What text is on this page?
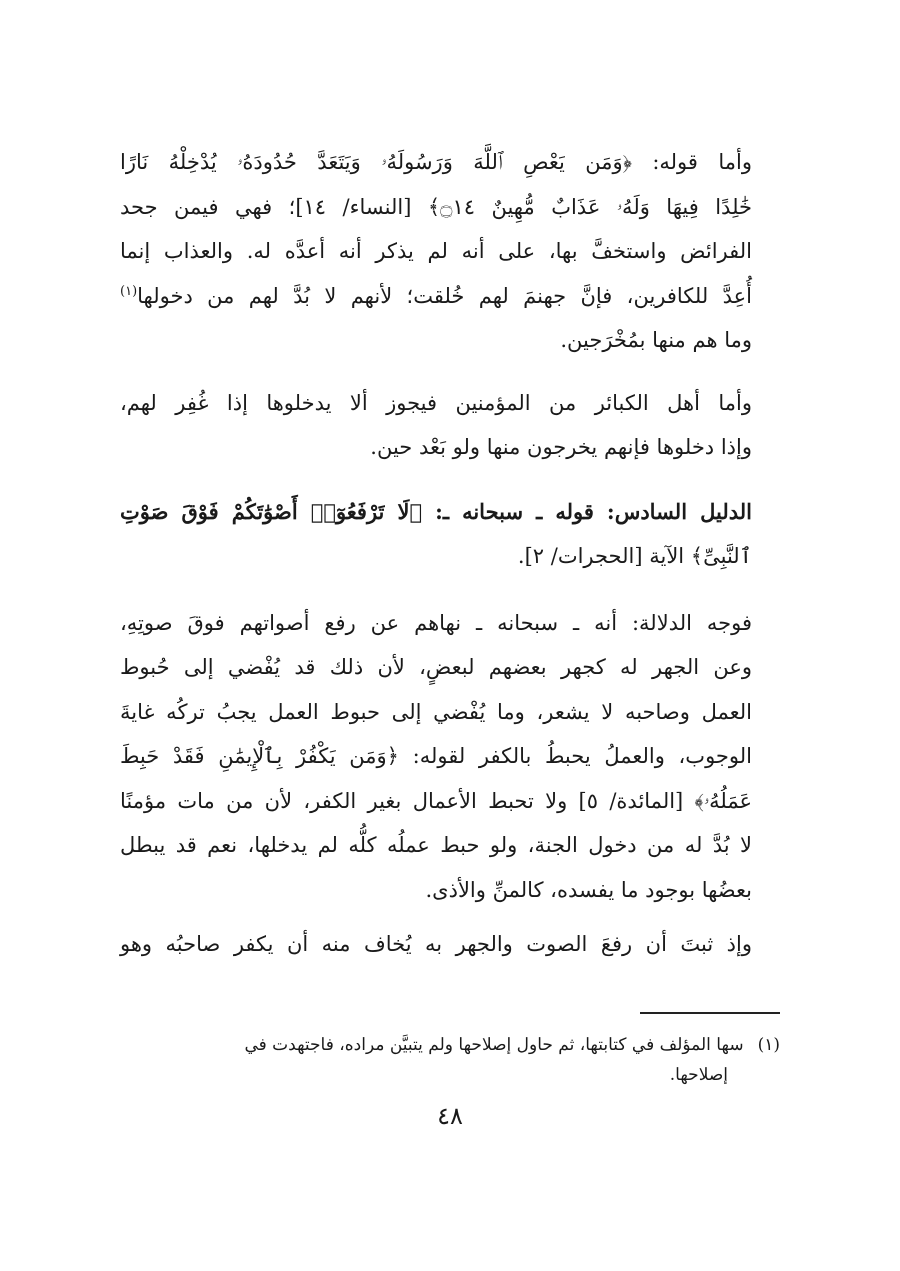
وأما قوله: ﴿وَمَن يَعْصِ ٱللَّهَ وَرَسُولَهُۥ وَيَتَعَدَّ حُدُودَهُۥ يُدْخِلْهُ نَارًا
خَٰلِدًا فِيهَا وَلَهُۥ عَذَابٌ مُّهِينٌ ۝١٤﴾ [النساء/ ١٤]؛ فهي فيمن جحد
الفرائض واستخفَّ بها، على أنه لم يذكر أنه أعدَّه له. والعذاب إنما
أُعِدَّ للكافرين، فإنَّ جهنمَ لهم خُلقت؛ لأنهم لا بُدَّ لهم من دخولها$^{(١)}$
وما هم منها بمُخْرَجين.
وأما أهل الكبائر من المؤمنين فيجوز ألا يدخلوها إذا غُفِر لهم،
وإذا دخلوها فإنهم يخرجون منها ولو بَعْد حين.
الدليل السادس: قوله ـ سبحانه ـ: ﴿لَا تَرْفَعُوٓا۟ أَصْوَٰتَكُمْ فَوْقَ صَوْتِ
ٱلنَّبِىِّ﴾ الآية [الحجرات/ ٢].
فوجه الدلالة: أنه ـ سبحانه ـ نهاهم عن رفع أصواتهم فوقَ صوتِهِ،
وعن الجهر له كجهر بعضهم لبعضٍ، لأن ذلك قد يُفْضي إلى حُبوط
العمل وصاحبه لا يشعر، وما يُفْضي إلى حبوط العمل يجبُ تركُه غايةَ
الوجوب، والعملُ يحبطُ بالكفر لقوله: ﴿وَمَن يَكْفُرْ بِٱلْإِيمَٰنِ فَقَدْ حَبِطَ
عَمَلُهُۥ﴾ [المائدة/ ٥] ولا تحبط الأعمال بغير الكفر، لأن من مات مؤمنًا
لا بُدَّ له من دخول الجنة، ولو حبط عملُه كلُّه لم يدخلها، نعم قد يبطل
بعضُها بوجود ما يفسده، كالمنِّ والأذى.
وإذ ثبتَ أن رفعَ الصوت والجهر به يُخاف منه أن يكفر صاحبُه وهو
(١)سها المؤلف في كتابتها، ثم حاول إصلاحها ولم يتبيَّن مراده، فاجتهدت في
إصلاحها.
٤٨
